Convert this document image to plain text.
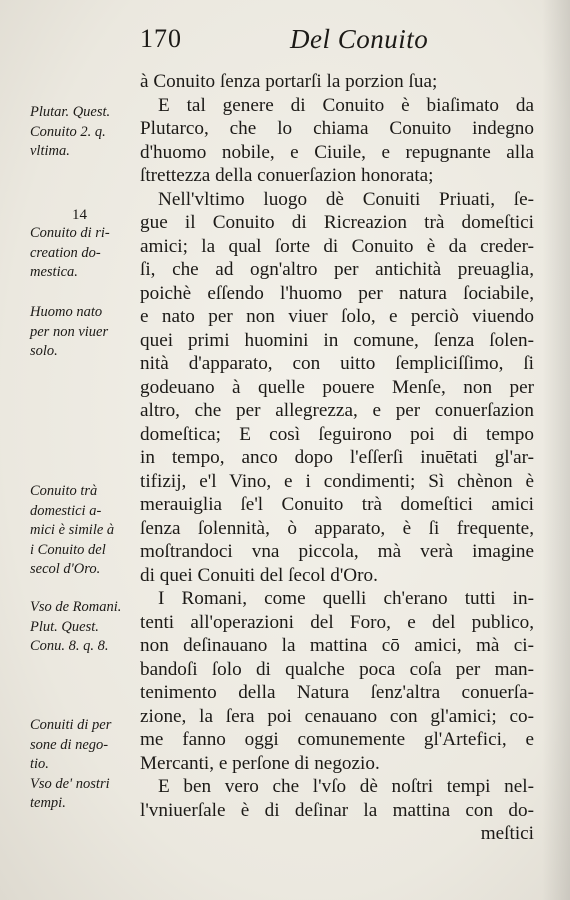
170	Del Conuito
Plutar. Quest.
Conuito 2. q.
vltima.
14
Conuito di ri-
creation do-
mestica.
Huomo nato
per non viuer
solo.
Conuito trà
domestici a-
mici è simile à
i Conuito del
secol d'Oro.
Vso de Romani.
Plut. Quest.
Conu. 8. q. 8.
Conuiti di per
sone di nego-
tio.
Vso de' nostri
tempi.
à Conuito ſenza portarſi la porzion ſua;
E tal genere di Conuito è biaſimato da
Plutarco, che lo chiama Conuito indegno
d'huomo nobile, e Ciuile, e repugnante alla
ſtrettezza della conuerſazion honorata;
Nell'vltimo luogo dè Conuiti Priuati, ſe-
gue il Conuito di Ricreazion trà domeſtici
amici; la qual ſorte di Conuito è da creder-
ſi, che ad ogn'altro per antichità preuaglia,
poichè eſſendo l'huomo per natura ſociabile,
e nato per non viuer ſolo, e perciò viuendo
quei primi huomini in comune, ſenza ſolen-
nità d'apparato, con uitto ſempliciſſimo, ſi
godeuano à quelle pouere Menſe, non per
altro, che per allegrezza, e per conuerſazion
domeſtica; E così ſeguirono poi di tempo
in tempo, anco dopo l'eſſerſi inuētati gl'ar-
tifizij, e'l Vino, e i condimenti; Sì chènon è
merauiglia ſe'l Conuito trà domeſtici amici
ſenza ſolennità, ò apparato, è ſi frequente,
moſtrandoci vna piccola, mà verà imagine
di quei Conuiti del ſecol d'Oro.
I Romani, come quelli ch'erano tutti in-
tenti all'operazioni del Foro, e del publico,
non deſinauano la mattina cō amici, mà ci-
bandoſi ſolo di qualche poca coſa per man-
tenimento della Natura ſenz'altra conuerſa-
zione, la ſera poi cenauano con gl'amici; co-
me fanno oggi comunemente gl'Artefici, e
Mercanti, e perſone di negozio.
E ben vero che l'vſo dè noſtri tempi nel-
l'vniuerſale è di deſinar la mattina con do-
meſtici
